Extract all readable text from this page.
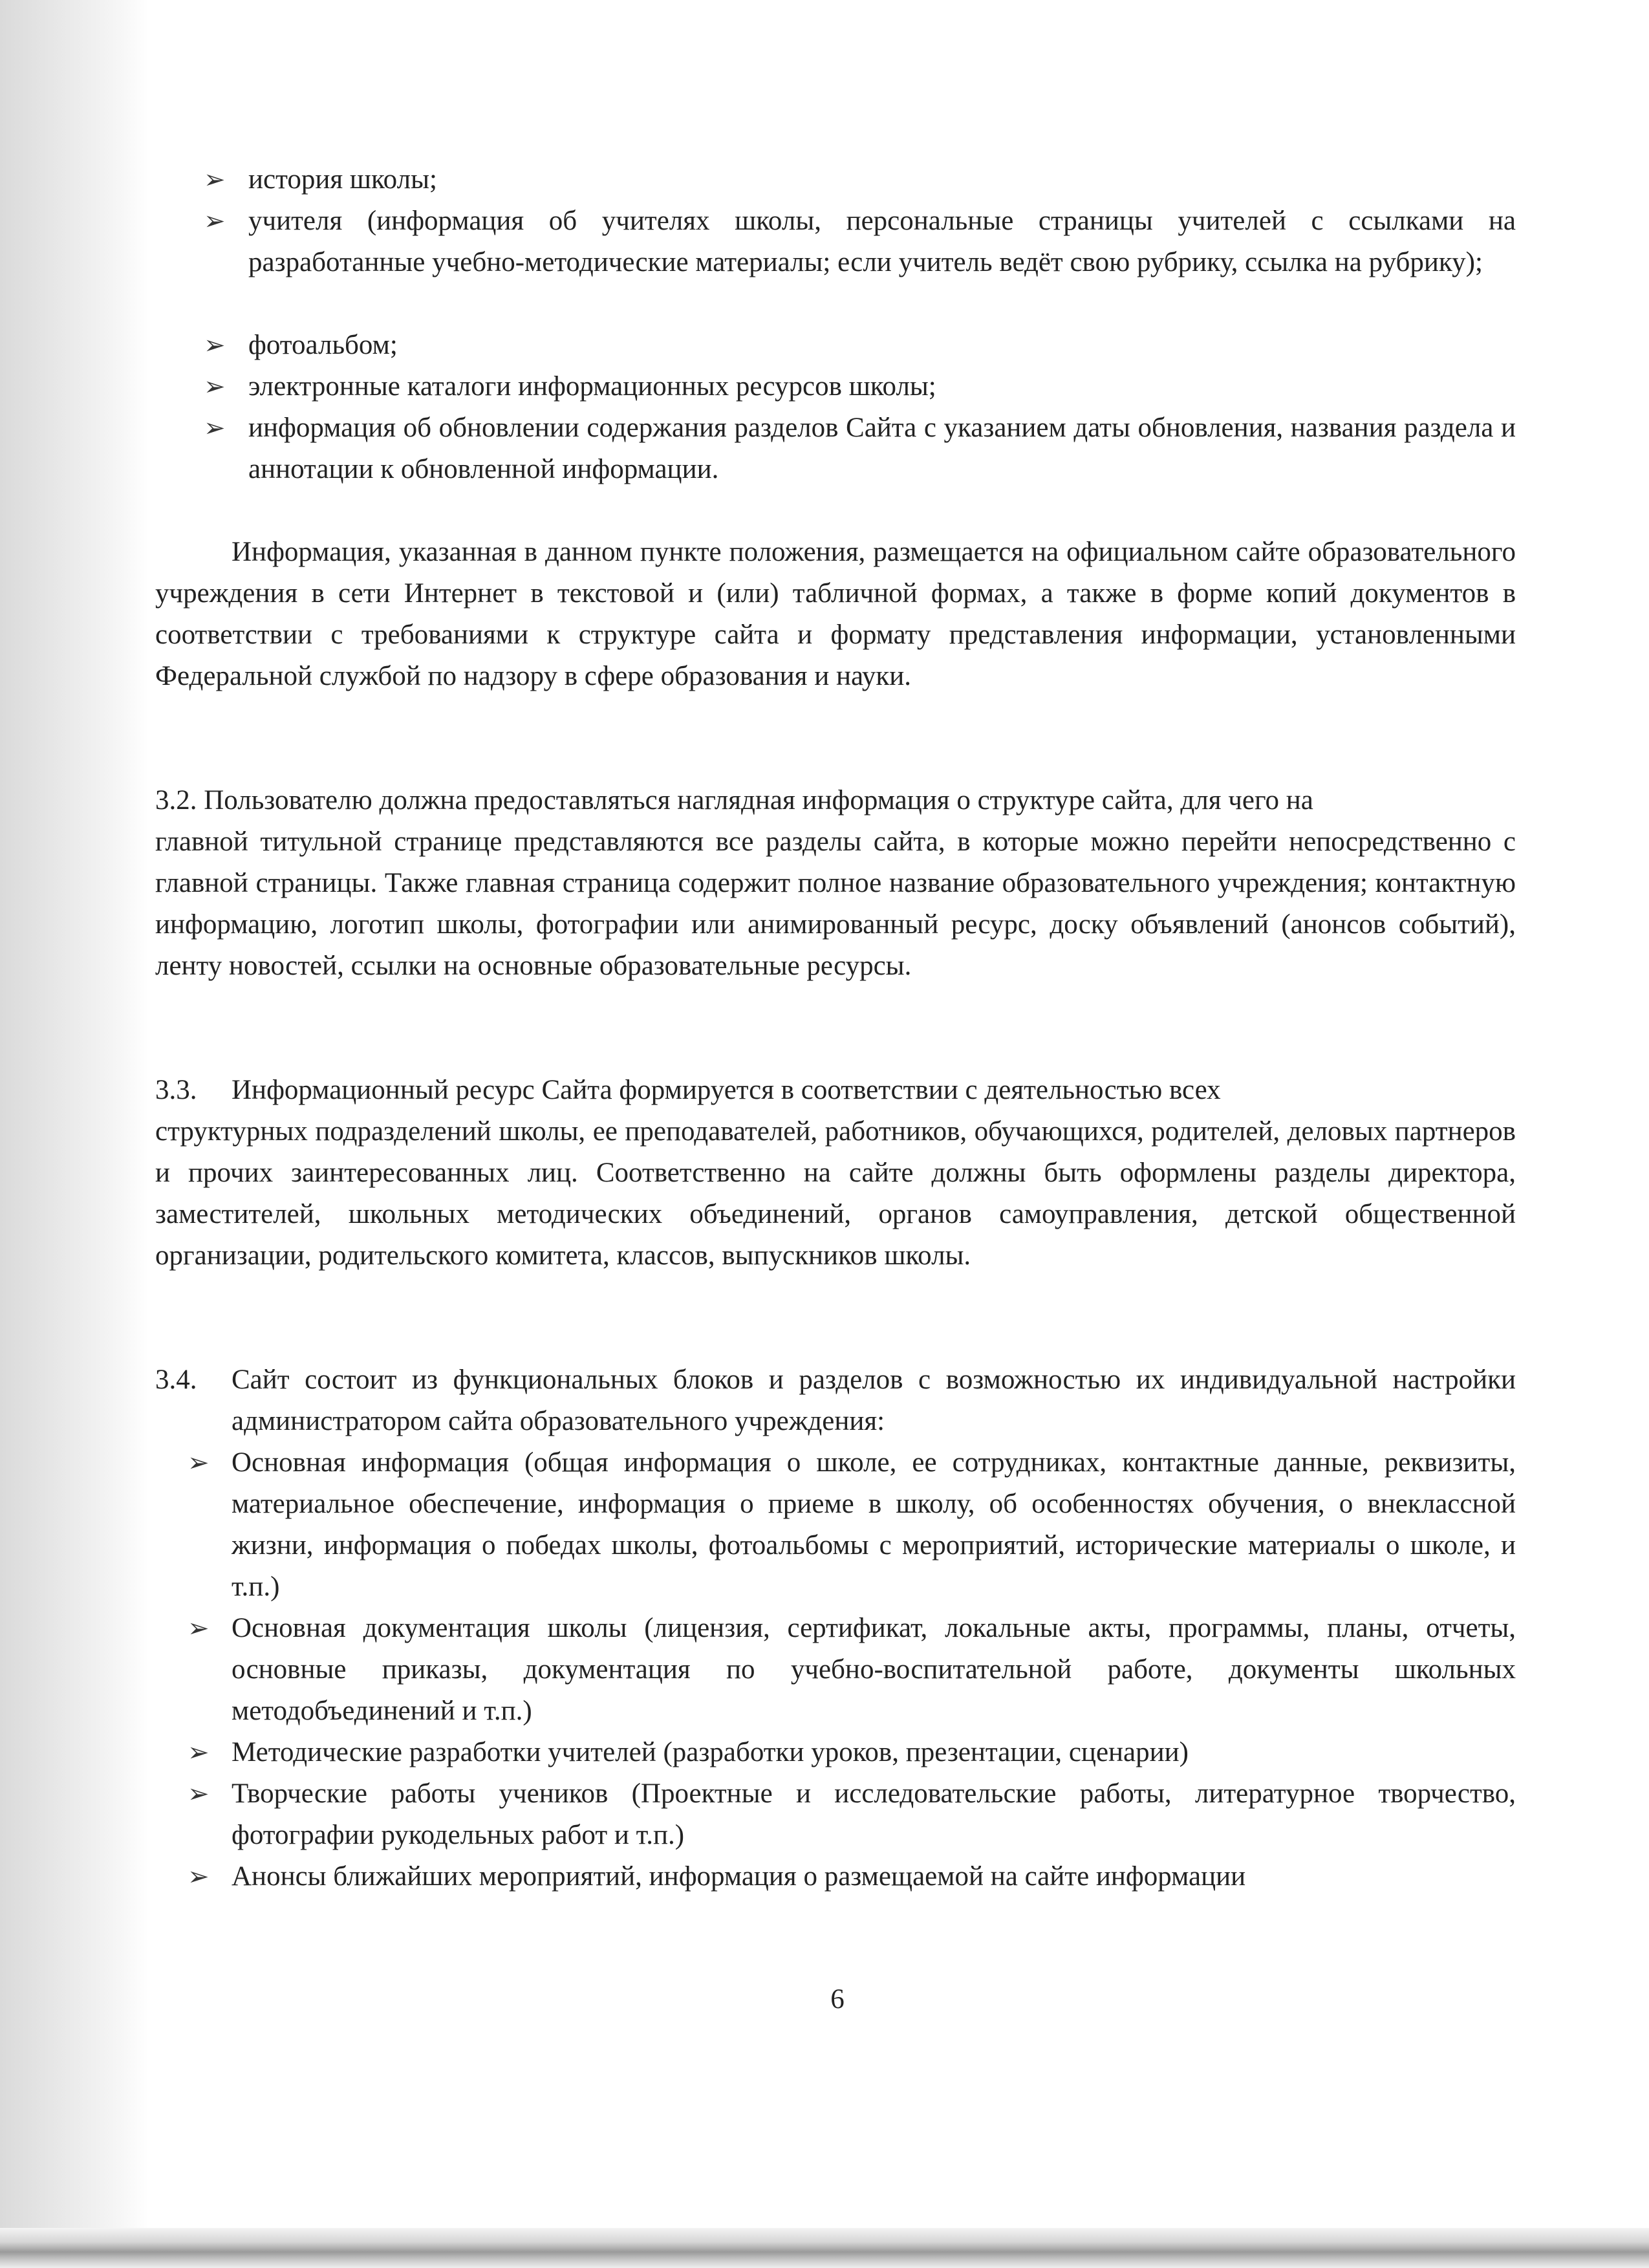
➢ история школы;
➢ учителя (информация об учителях школы, персональные страницы учителей с ссылками на разработанные учебно-методические материалы; если учитель ведёт свою рубрику, ссылка на рубрику);
➢ фотоальбом;
➢ электронные каталоги информационных ресурсов школы;
➢ информация об обновлении содержания разделов Сайта с указанием даты обновления, названия раздела и аннотации к обновленной информации.
Информация, указанная в данном пункте положения, размещается на официальном сайте образовательного учреждения в сети Интернет в текстовой и (или) табличной формах, а также в форме копий документов в соответствии с требованиями к структуре сайта и формату представления информации, установленными Федеральной службой по надзору в сфере образования и науки.
3.2. Пользователю должна предоставляться наглядная информация о структуре сайта, для чего на
главной титульной странице представляются все разделы сайта, в которые можно перейти непосредственно с главной страницы. Также главная страница содержит полное название образовательного учреждения; контактную информацию, логотип школы, фотографии или анимированный ресурс, доску объявлений (анонсов событий), ленту новостей, ссылки на основные образовательные ресурсы.
3.3.	Информационный ресурс Сайта формируется в соответствии с деятельностью всех
структурных подразделений школы, ее преподавателей, работников, обучающихся, родителей, деловых партнеров и прочих заинтересованных лиц. Соответственно на сайте должны быть оформлены разделы директора, заместителей, школьных методических объединений, органов самоуправления, детской общественной организации, родительского комитета, классов, выпускников школы.
3.4.	Сайт состоит из функциональных блоков и разделов с возможностью их индивидуальной настройки администратором сайта образовательного учреждения:
➢ Основная информация (общая информация о школе, ее сотрудниках, контактные данные, реквизиты, материальное обеспечение, информация о приеме в школу, об особенностях обучения, о внеклассной жизни, информация о победах школы, фотоальбомы с мероприятий, исторические материалы о школе, и т.п.)
➢ Основная документация школы (лицензия, сертификат, локальные акты, программы, планы, отчеты, основные приказы, документация по учебно-воспитательной работе, документы школьных методобъединений и т.п.)
➢ Методические разработки учителей (разработки уроков, презентации, сценарии)
➢ Творческие работы учеников (Проектные и исследовательские работы, литературное творчество, фотографии рукодельных работ и т.п.)
➢ Анонсы ближайших мероприятий, информация о размещаемой на сайте информации
6
